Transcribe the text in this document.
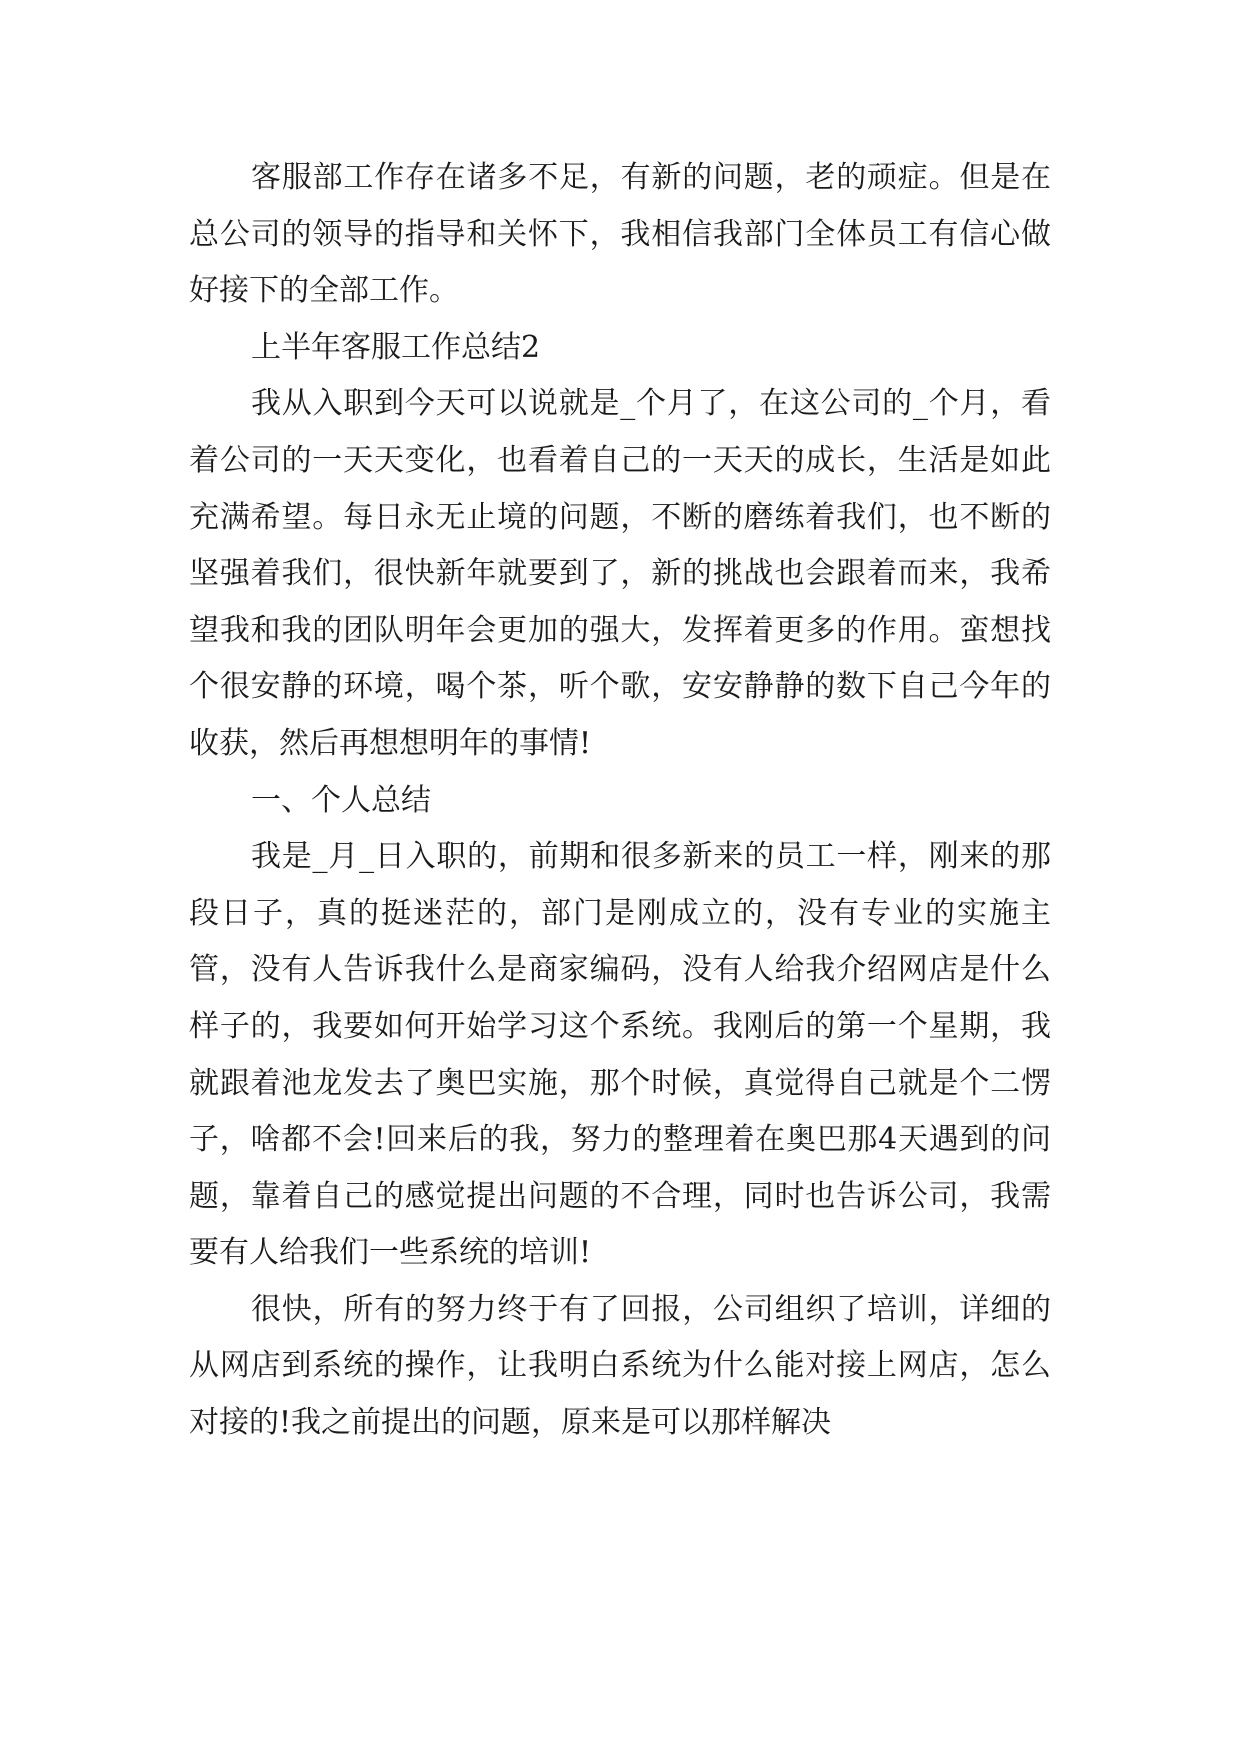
客服部工作存在诸多不足，有新的问题，老的顽症。但是在总公司的领导的指导和关怀下，我相信我部门全体员工有信心做好接下的全部工作。

上半年客服工作总结2

我从入职到今天可以说就是_个月了，在这公司的_个月，看着公司的一天天变化，也看着自己的一天天的成长，生活是如此充满希望。每日永无止境的问题，不断的磨练着我们，也不断的坚强着我们，很快新年就要到了，新的挑战也会跟着而来，我希望我和我的团队明年会更加的强大，发挥着更多的作用。蛮想找个很安静的环境，喝个茶，听个歌，安安静静的数下自己今年的收获，然后再想想明年的事情!

一、个人总结

我是_月_日入职的，前期和很多新来的员工一样，刚来的那段日子，真的挺迷茫的，部门是刚成立的，没有专业的实施主管，没有人告诉我什么是商家编码，没有人给我介绍网店是什么样子的，我要如何开始学习这个系统。我刚后的第一个星期，我就跟着池龙发去了奥巴实施，那个时候，真觉得自己就是个二愣子，啥都不会!回来后的我，努力的整理着在奥巴那4天遇到的问题，靠着自己的感觉提出问题的不合理，同时也告诉公司，我需要有人给我们一些系统的培训!

很快，所有的努力终于有了回报，公司组织了培训，详细的从网店到系统的操作，让我明白系统为什么能对接上网店，怎么对接的!我之前提出的问题，原来是可以那样解决
